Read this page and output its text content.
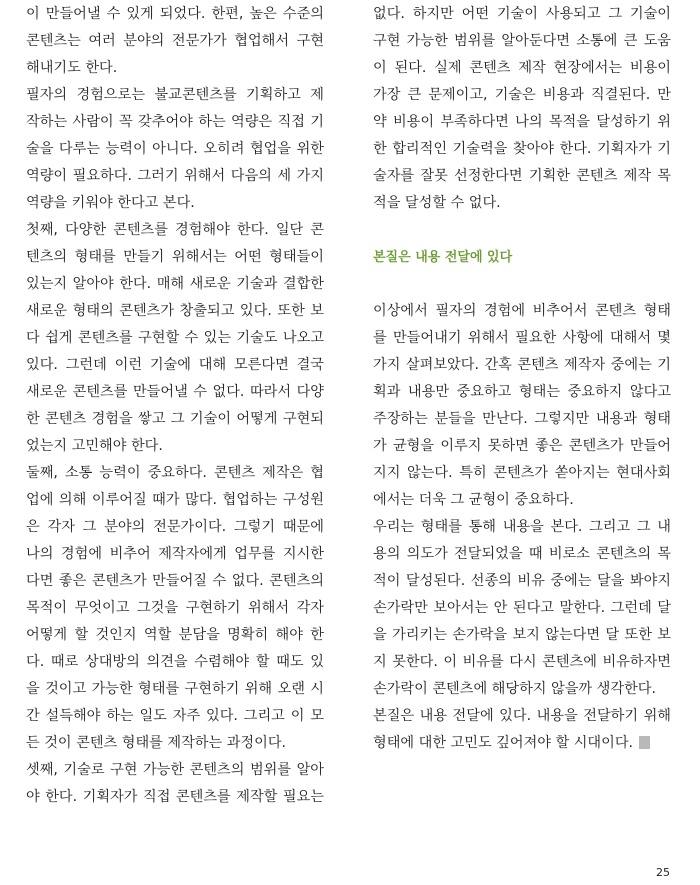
이 만들어낼 수 있게 되었다. 한편, 높은 수준의
콘텐츠는 여러 분야의 전문가가 협업해서 구현
해내기도 한다.
필자의 경험으로는 불교콘텐츠를 기획하고 제
작하는 사람이 꼭 갖추어야 하는 역량은 직접 기
술을 다루는 능력이 아니다. 오히려 협업을 위한
역량이 필요하다. 그러기 위해서 다음의 세 가지
역량을 키워야 한다고 본다.
첫째, 다양한 콘텐츠를 경험해야 한다. 일단 콘
텐츠의 형태를 만들기 위해서는 어떤 형태들이
있는지 알아야 한다. 매해 새로운 기술과 결합한
새로운 형태의 콘텐츠가 창출되고 있다. 또한 보
다 쉽게 콘텐츠를 구현할 수 있는 기술도 나오고
있다. 그런데 이런 기술에 대해 모른다면 결국
새로운 콘텐츠를 만들어낼 수 없다. 따라서 다양
한 콘텐츠 경험을 쌓고 그 기술이 어떻게 구현되
었는지 고민해야 한다.
둘째, 소통 능력이 중요하다. 콘텐츠 제작은 협
업에 의해 이루어질 때가 많다. 협업하는 구성원
은 각자 그 분야의 전문가이다. 그렇기 때문에
나의 경험에 비추어 제작자에게 업무를 지시한
다면 좋은 콘텐츠가 만들어질 수 없다. 콘텐츠의
목적이 무엇이고 그것을 구현하기 위해서 각자
어떻게 할 것인지 역할 분담을 명확히 해야 한
다. 때로 상대방의 의견을 수렴해야 할 때도 있
을 것이고 가능한 형태를 구현하기 위해 오랜 시
간 설득해야 하는 일도 자주 있다. 그리고 이 모
든 것이 콘텐츠 형태를 제작하는 과정이다.
셋째, 기술로 구현 가능한 콘텐츠의 범위를 알아
야 한다. 기획자가 직접 콘텐츠를 제작할 필요는
없다. 하지만 어떤 기술이 사용되고 그 기술이
구현 가능한 범위를 알아둔다면 소통에 큰 도움
이 된다. 실제 콘텐츠 제작 현장에서는 비용이
가장 큰 문제이고, 기술은 비용과 직결된다. 만
약 비용이 부족하다면 나의 목적을 달성하기 위
한 합리적인 기술력을 찾아야 한다. 기획자가 기
술자를 잘못 선정한다면 기획한 콘텐츠 제작 목
적을 달성할 수 없다.
본질은 내용 전달에 있다
이상에서 필자의 경험에 비추어서 콘텐츠 형태
를 만들어내기 위해서 필요한 사항에 대해서 몇
가지 살펴보았다. 간혹 콘텐츠 제작자 중에는 기
획과 내용만 중요하고 형태는 중요하지 않다고
주장하는 분들을 만난다. 그렇지만 내용과 형태
가 균형을 이루지 못하면 좋은 콘텐츠가 만들어
지지 않는다. 특히 콘텐츠가 쏟아지는 현대사회
에서는 더욱 그 균형이 중요하다.
우리는 형태를 통해 내용을 본다. 그리고 그 내
용의 의도가 전달되었을 때 비로소 콘텐츠의 목
적이 달성된다. 선종의 비유 중에는 달을 봐야지
손가락만 보아서는 안 된다고 말한다. 그런데 달
을 가리키는 손가락을 보지 않는다면 달 또한 보
지 못한다. 이 비유를 다시 콘텐츠에 비유하자면
손가락이 콘텐츠에 해당하지 않을까 생각한다.
본질은 내용 전달에 있다. 내용을 전달하기 위해
형태에 대한 고민도 깊어져야 할 시대이다.
25
